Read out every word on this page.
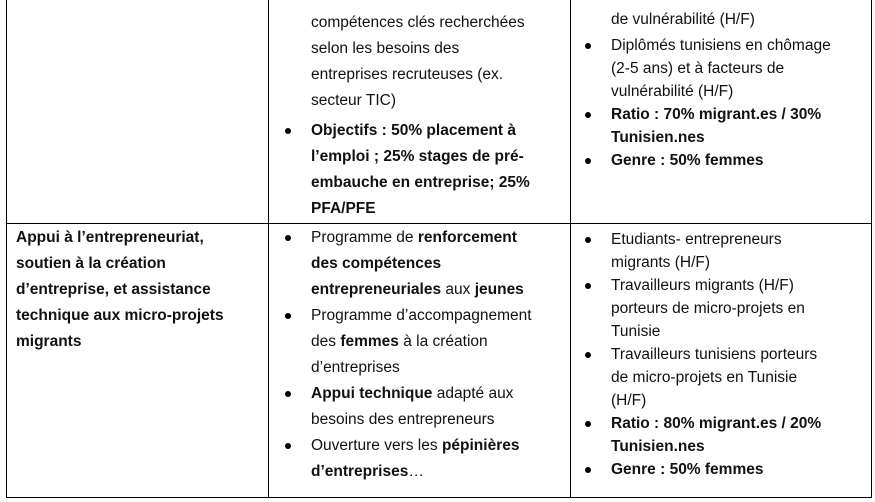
compétences clés recherchées
selon les besoins des
entreprises recruteuses (ex.
secteur TIC)
Objectifs : 50% placement à
l’emploi ; 25% stages de pré-
embauche en entreprise; 25%
PFA/PFE
de vulnérabilité (H/F)
Diplômés tunisiens en chômage
(2-5 ans) et à facteurs de
vulnérabilité (H/F)
Ratio : 70% migrant.es / 30%
Tunisien.nes
Genre : 50% femmes
Appui à l’entrepreneuriat,
soutien à la création
d’entreprise, et assistance
technique aux micro-projets
migrants
Programme de renforcement
des compétences
entrepreneuriales aux jeunes
Programme d’accompagnement
des femmes à la création
d’entreprises
Appui technique adapté aux
besoins des entrepreneurs
Ouverture vers les pépinières
d’entreprises…
Etudiants- entrepreneurs
migrants (H/F)
Travailleurs migrants (H/F)
porteurs de micro-projets en
Tunisie
Travailleurs tunisiens porteurs
de micro-projets en Tunisie
(H/F)
Ratio : 80% migrant.es / 20%
Tunisien.nes
Genre : 50% femmes
